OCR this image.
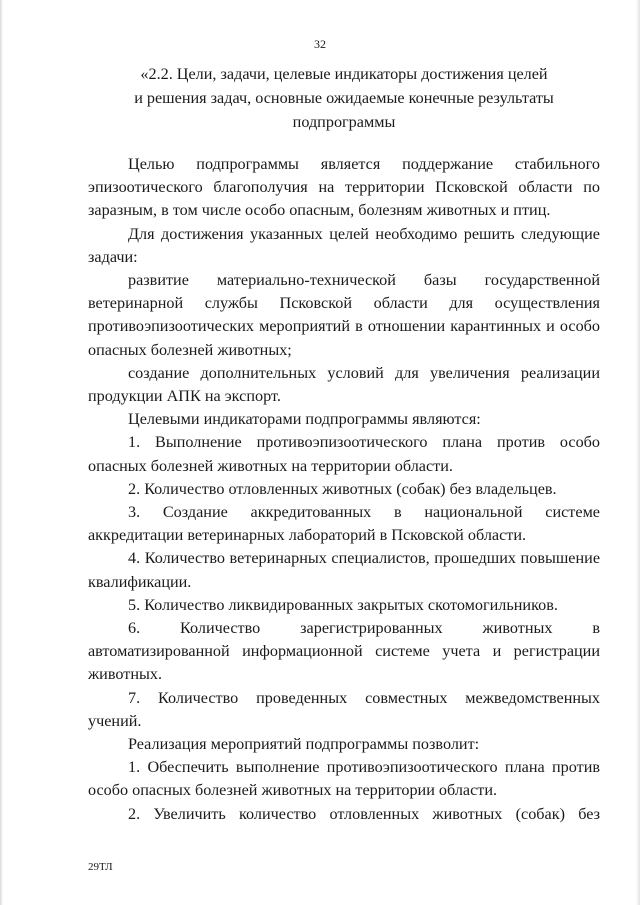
32
«2.2. Цели, задачи, целевые индикаторы достижения целей
и решения задач, основные ожидаемые конечные результаты
подпрограммы
Целью подпрограммы является поддержание стабильного
эпизоотического благополучия на территории Псковской области по заразным, в том числе особо опасным, болезням животных и птиц.
Для достижения указанных целей необходимо решить следующие
задачи:
развитие материально-технической базы государственной
ветеринарной службы Псковской области для осуществления противоэпизоотических мероприятий в отношении карантинных и особо опасных болезней животных;
создание дополнительных условий для увеличения реализации
продукции АПК на экспорт.
Целевыми индикаторами подпрограммы являются:
1. Выполнение противоэпизоотического плана против особо
опасных болезней животных на территории области.
2. Количество отловленных животных (собак) без владельцев.
3. Создание аккредитованных в национальной системе
аккредитации ветеринарных лабораторий в Псковской области.
4. Количество ветеринарных специалистов, прошедших повышение
квалификации.
5. Количество ликвидированных закрытых скотомогильников.
6. Количество зарегистрированных животных в
автоматизированной информационной системе учета и регистрации животных.
7. Количество проведенных совместных межведомственных
учений.
Реализация мероприятий подпрограммы позволит:
1. Обеспечить выполнение противоэпизоотического плана против
особо опасных болезней животных на территории области.
2. Увеличить количество отловленных животных (собак) без
29ТЛ
